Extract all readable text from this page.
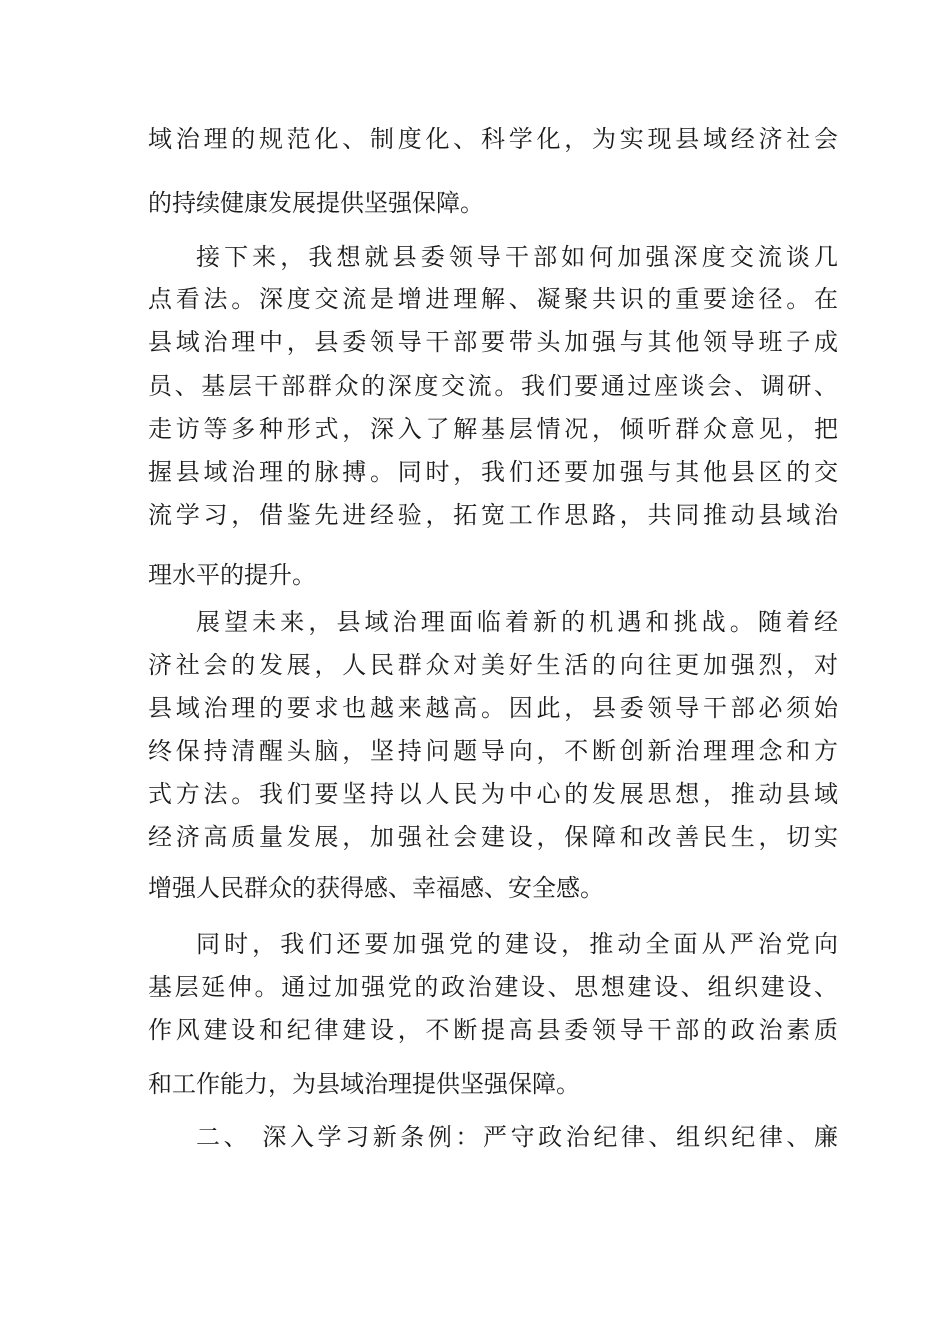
域治理的规范化、制度化、科学化，为实现县域经济社会
的持续健康发展提供坚强保障。
接下来，我想就县委领导干部如何加强深度交流谈几
点看法。深度交流是增进理解、凝聚共识的重要途径。在
县域治理中，县委领导干部要带头加强与其他领导班子成
员、基层干部群众的深度交流。我们要通过座谈会、调研、
走访等多种形式，深入了解基层情况，倾听群众意见，把
握县域治理的脉搏。同时，我们还要加强与其他县区的交
流学习，借鉴先进经验，拓宽工作思路，共同推动县域治
理水平的提升。
展望未来，县域治理面临着新的机遇和挑战。随着经
济社会的发展，人民群众对美好生活的向往更加强烈，对
县域治理的要求也越来越高。因此，县委领导干部必须始
终保持清醒头脑，坚持问题导向，不断创新治理理念和方
式方法。我们要坚持以人民为中心的发展思想，推动县域
经济高质量发展，加强社会建设，保障和改善民生，切实
增强人民群众的获得感、幸福感、安全感。
同时，我们还要加强党的建设，推动全面从严治党向
基层延伸。通过加强党的政治建设、思想建设、组织建设、
作风建设和纪律建设，不断提高县委领导干部的政治素质
和工作能力，为县域治理提供坚强保障。
二、 深入学习新条例：严守政治纪律、组织纪律、廉
